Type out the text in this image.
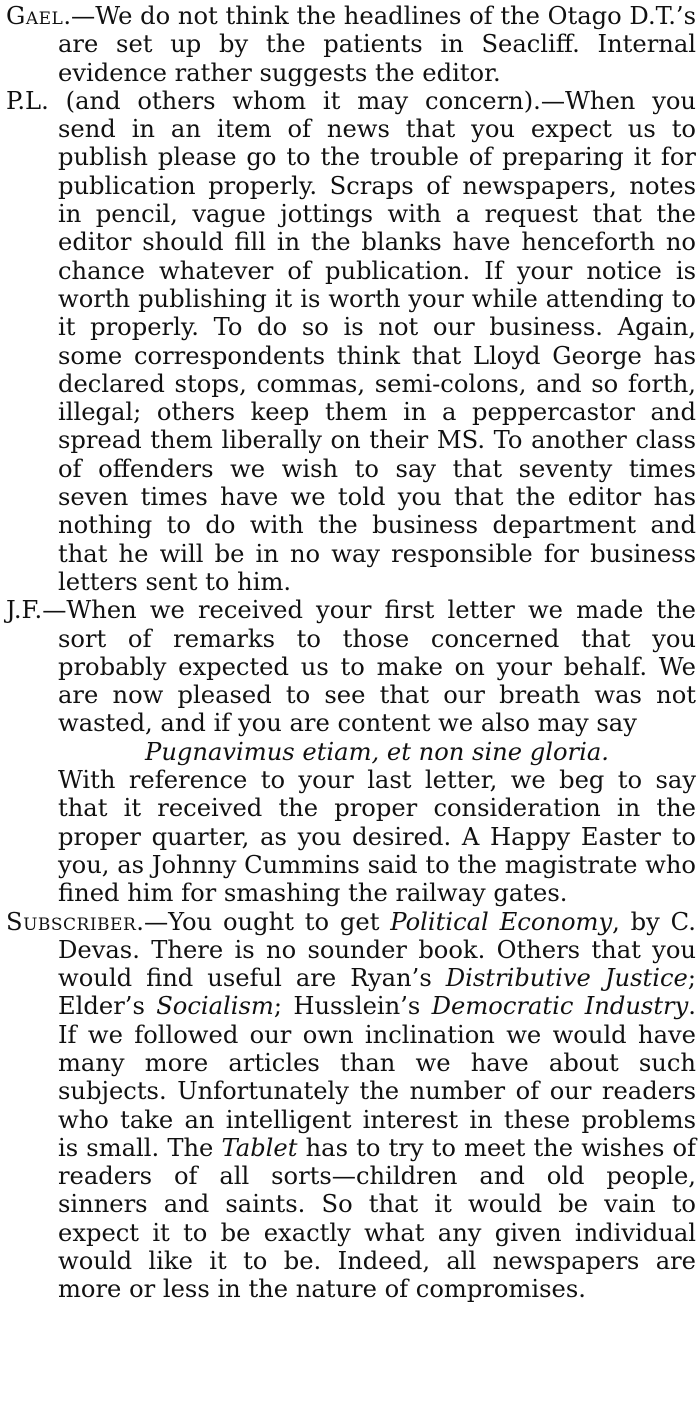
Gael.—We do not think the headlines of the Otago D.T.’s are set up by the patients in Seacliff. Internal evidence rather suggests the editor.

P.L. (and others whom it may concern).—When you send in an item of news that you expect us to publish please go to the trouble of preparing it for publication properly. Scraps of newspapers, notes in pencil, vague jottings with a request that the editor should fill in the blanks have henceforth no chance whatever of publication. If your notice is worth publishing it is worth your while attending to it properly. To do so is not our business. Again, some correspondents think that Lloyd George has declared stops, commas, semi-colons, and so forth, illegal; others keep them in a peppercastor and spread them liberally on their MS. To another class of offenders we wish to say that seventy times seven times have we told you that the editor has nothing to do with the business department and that he will be in no way responsible for business letters sent to him.

J.F.—When we received your first letter we made the sort of remarks to those concerned that you probably expected us to make on your behalf. We are now pleased to see that our breath was not wasted, and if you are content we also may say

Pugnavimus etiam, et non sine gloria.

With reference to your last letter, we beg to say that it received the proper consideration in the proper quarter, as you desired. A Happy Easter to you, as Johnny Cummins said to the magistrate who fined him for smashing the railway gates.

Subscriber.—You ought to get Political Economy, by C. Devas. There is no sounder book. Others that you would find useful are Ryan’s Distributive Justice; Elder’s Socialism; Husslein’s Democratic Industry. If we followed our own inclination we would have many more articles than we have about such subjects. Unfortunately the number of our readers who take an intelligent interest in these problems is small. The Tablet has to try to meet the wishes of readers of all sorts—children and old people, sinners and saints. So that it would be vain to expect it to be exactly what any given individual would like it to be. Indeed, all newspapers are more or less in the nature of compromises.
